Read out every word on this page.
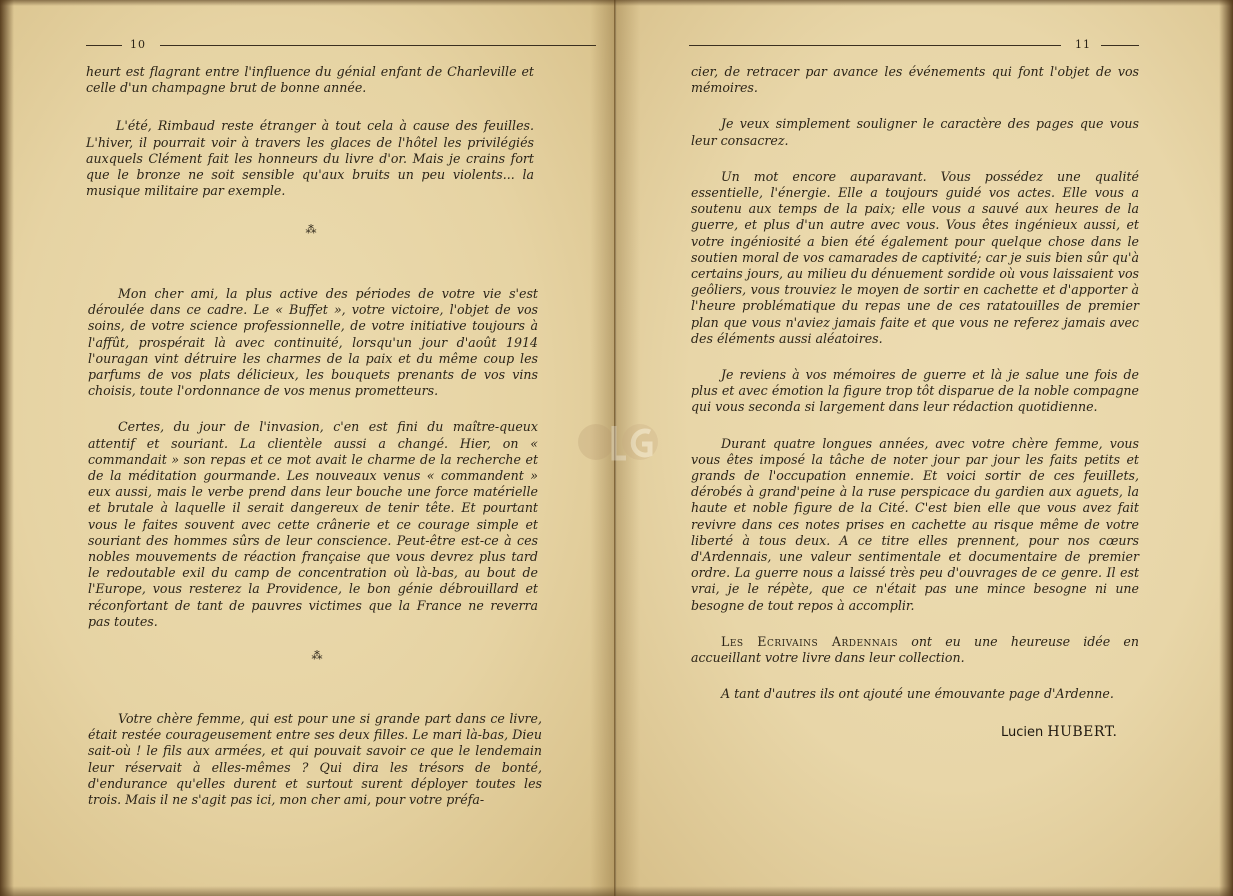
10

heurt est flagrant entre l'influence du génial enfant de Charleville et celle d'un champagne brut de bonne année.

L'été, Rimbaud reste étranger à tout cela à cause des feuilles. L'hiver, il pourrait voir à travers les glaces de l'hôtel les privilégiés auxquels Clément fait les honneurs du livre d'or. Mais je crains fort que le bronze ne soit sensible qu'aux bruits un peu violents... la musique militaire par exemple.

⁂

Mon cher ami, la plus active des périodes de votre vie s'est déroulée dans ce cadre. Le « Buffet », votre victoire, l'objet de vos soins, de votre science professionnelle, de votre initiative toujours à l'affût, prospérait là avec continuité, lorsqu'un jour d'août 1914 l'ouragan vint détruire les charmes de la paix et du même coup les parfums de vos plats délicieux, les bouquets prenants de vos vins choisis, toute l'ordonnance de vos menus prometteurs.

Certes, du jour de l'invasion, c'en est fini du maître-queux attentif et souriant. La clientèle aussi a changé. Hier, on « commandait » son repas et ce mot avait le charme de la recherche et de la méditation gourmande. Les nouveaux venus « commandent » eux aussi, mais le verbe prend dans leur bouche une force matérielle et brutale à laquelle il serait dangereux de tenir tête. Et pourtant vous le faites souvent avec cette crânerie et ce courage simple et souriant des hommes sûrs de leur conscience. Peut-être est-ce à ces nobles mouvements de réaction française que vous devrez plus tard le redoutable exil du camp de concentration où là-bas, au bout de l'Europe, vous resterez la Providence, le bon génie débrouillard et réconfortant de tant de pauvres victimes que la France ne reverra pas toutes.

⁂

Votre chère femme, qui est pour une si grande part dans ce livre, était restée courageusement entre ses deux filles. Le mari là-bas, Dieu sait-où ! le fils aux armées, et qui pouvait savoir ce que le lendemain leur réservait à elles-mêmes ? Qui dira les trésors de bonté, d'endurance qu'elles durent et surtout surent déployer toutes les trois. Mais il ne s'agit pas ici, mon cher ami, pour votre préfa-

11

cier, de retracer par avance les événements qui font l'objet de vos mémoires.

Je veux simplement souligner le caractère des pages que vous leur consacrez.

Un mot encore auparavant. Vous possédez une qualité essentielle, l'énergie. Elle a toujours guidé vos actes. Elle vous a soutenu aux temps de la paix; elle vous a sauvé aux heures de la guerre, et plus d'un autre avec vous. Vous êtes ingénieux aussi, et votre ingéniosité a bien été également pour quelque chose dans le soutien moral de vos camarades de captivité; car je suis bien sûr qu'à certains jours, au milieu du dénuement sordide où vous laissaient vos geôliers, vous trouviez le moyen de sortir en cachette et d'apporter à l'heure problématique du repas une de ces ratatouilles de premier plan que vous n'aviez jamais faite et que vous ne referez jamais avec des éléments aussi aléatoires.

Je reviens à vos mémoires de guerre et là je salue une fois de plus et avec émotion la figure trop tôt disparue de la noble compagne qui vous seconda si largement dans leur rédaction quotidienne.

Durant quatre longues années, avec votre chère femme, vous vous êtes imposé la tâche de noter jour par jour les faits petits et grands de l'occupation ennemie. Et voici sortir de ces feuillets, dérobés à grand'peine à la ruse perspicace du gardien aux aguets, la haute et noble figure de la Cité. C'est bien elle que vous avez fait revivre dans ces notes prises en cachette au risque même de votre liberté à tous deux. A ce titre elles prennent, pour nos cœurs d'Ardennais, une valeur sentimentale et documentaire de premier ordre. La guerre nous a laissé très peu d'ouvrages de ce genre. Il est vrai, je le répète, que ce n'était pas une mince besogne ni une besogne de tout repos à accomplir.

Les Ecrivains Ardennais ont eu une heureuse idée en accueillant votre livre dans leur collection.

A tant d'autres ils ont ajouté une émouvante page d'Ardenne.

Lucien HUBERT.
